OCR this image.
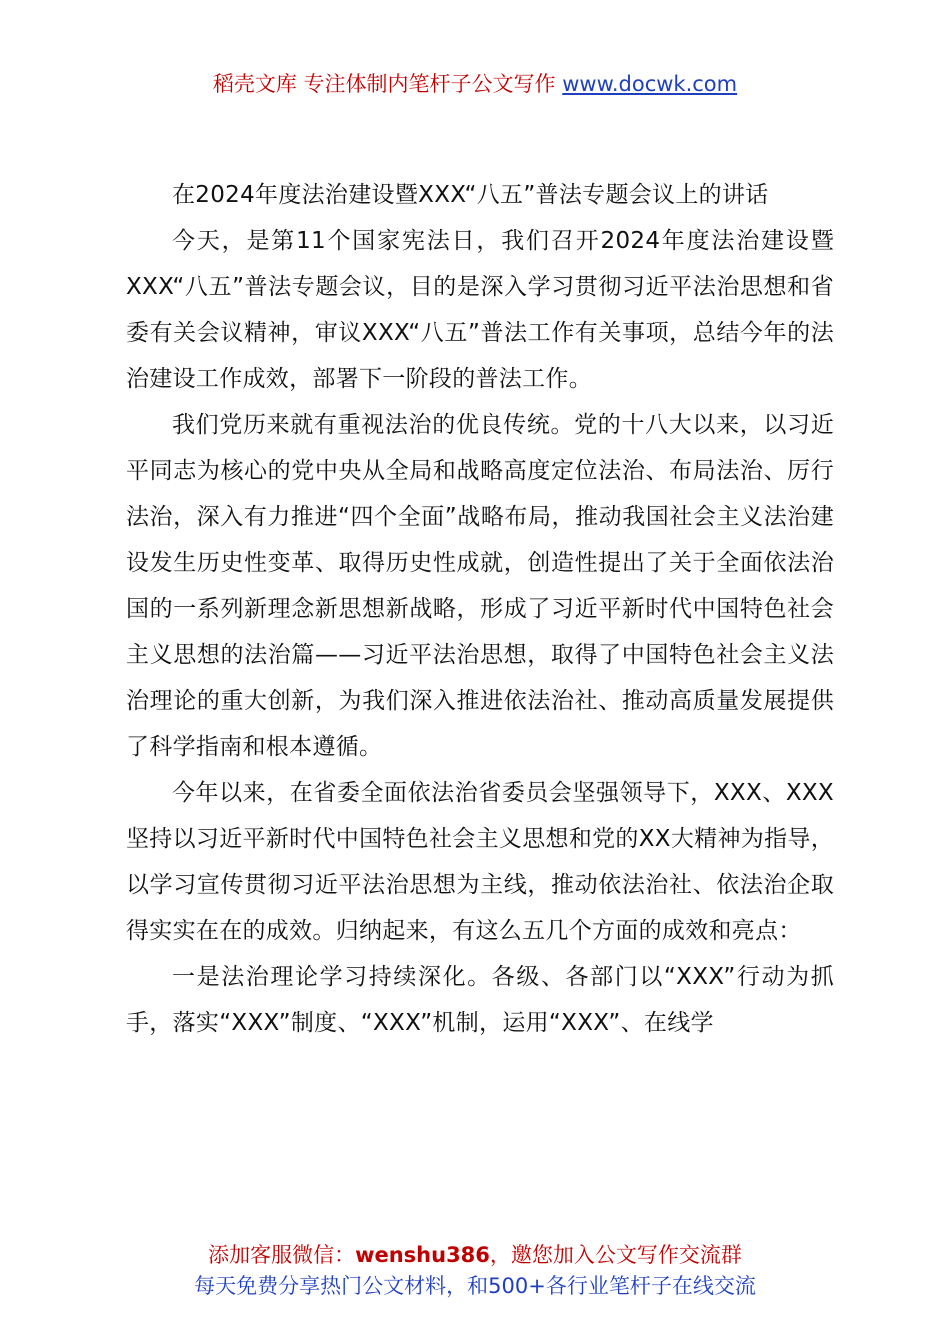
稻壳文库 专注体制内笔杆子公文写作 www.docwk.com

在2024年度法治建设暨XXX“八五”普法专题会议上的讲话

今天，是第11个国家宪法日，我们召开2024年度法治建设暨XXX“八五”普法专题会议，目的是深入学习贯彻习近平法治思想和省委有关会议精神，审议XXX“八五”普法工作有关事项，总结今年的法治建设工作成效，部署下一阶段的普法工作。

我们党历来就有重视法治的优良传统。党的十八大以来，以习近平同志为核心的党中央从全局和战略高度定位法治、布局法治、厉行法治，深入有力推进“四个全面”战略布局，推动我国社会主义法治建设发生历史性变革、取得历史性成就，创造性提出了关于全面依法治国的一系列新理念新思想新战略，形成了习近平新时代中国特色社会主义思想的法治篇——习近平法治思想，取得了中国特色社会主义法治理论的重大创新，为我们深入推进依法治社、推动高质量发展提供了科学指南和根本遵循。

今年以来，在省委全面依法治省委员会坚强领导下，XXX、XXX坚持以习近平新时代中国特色社会主义思想和党的XX大精神为指导，以学习宣传贯彻习近平法治思想为主线，推动依法治社、依法治企取得实实在在的成效。归纳起来，有这么五几个方面的成效和亮点：

一是法治理论学习持续深化。各级、各部门以“XXX”行动为抓手，落实“XXX”制度、“XXX”机制，运用“XXX”、在线学

添加客服微信：wenshu386，邀您加入公文写作交流群
每天免费分享热门公文材料，和500+各行业笔杆子在线交流
